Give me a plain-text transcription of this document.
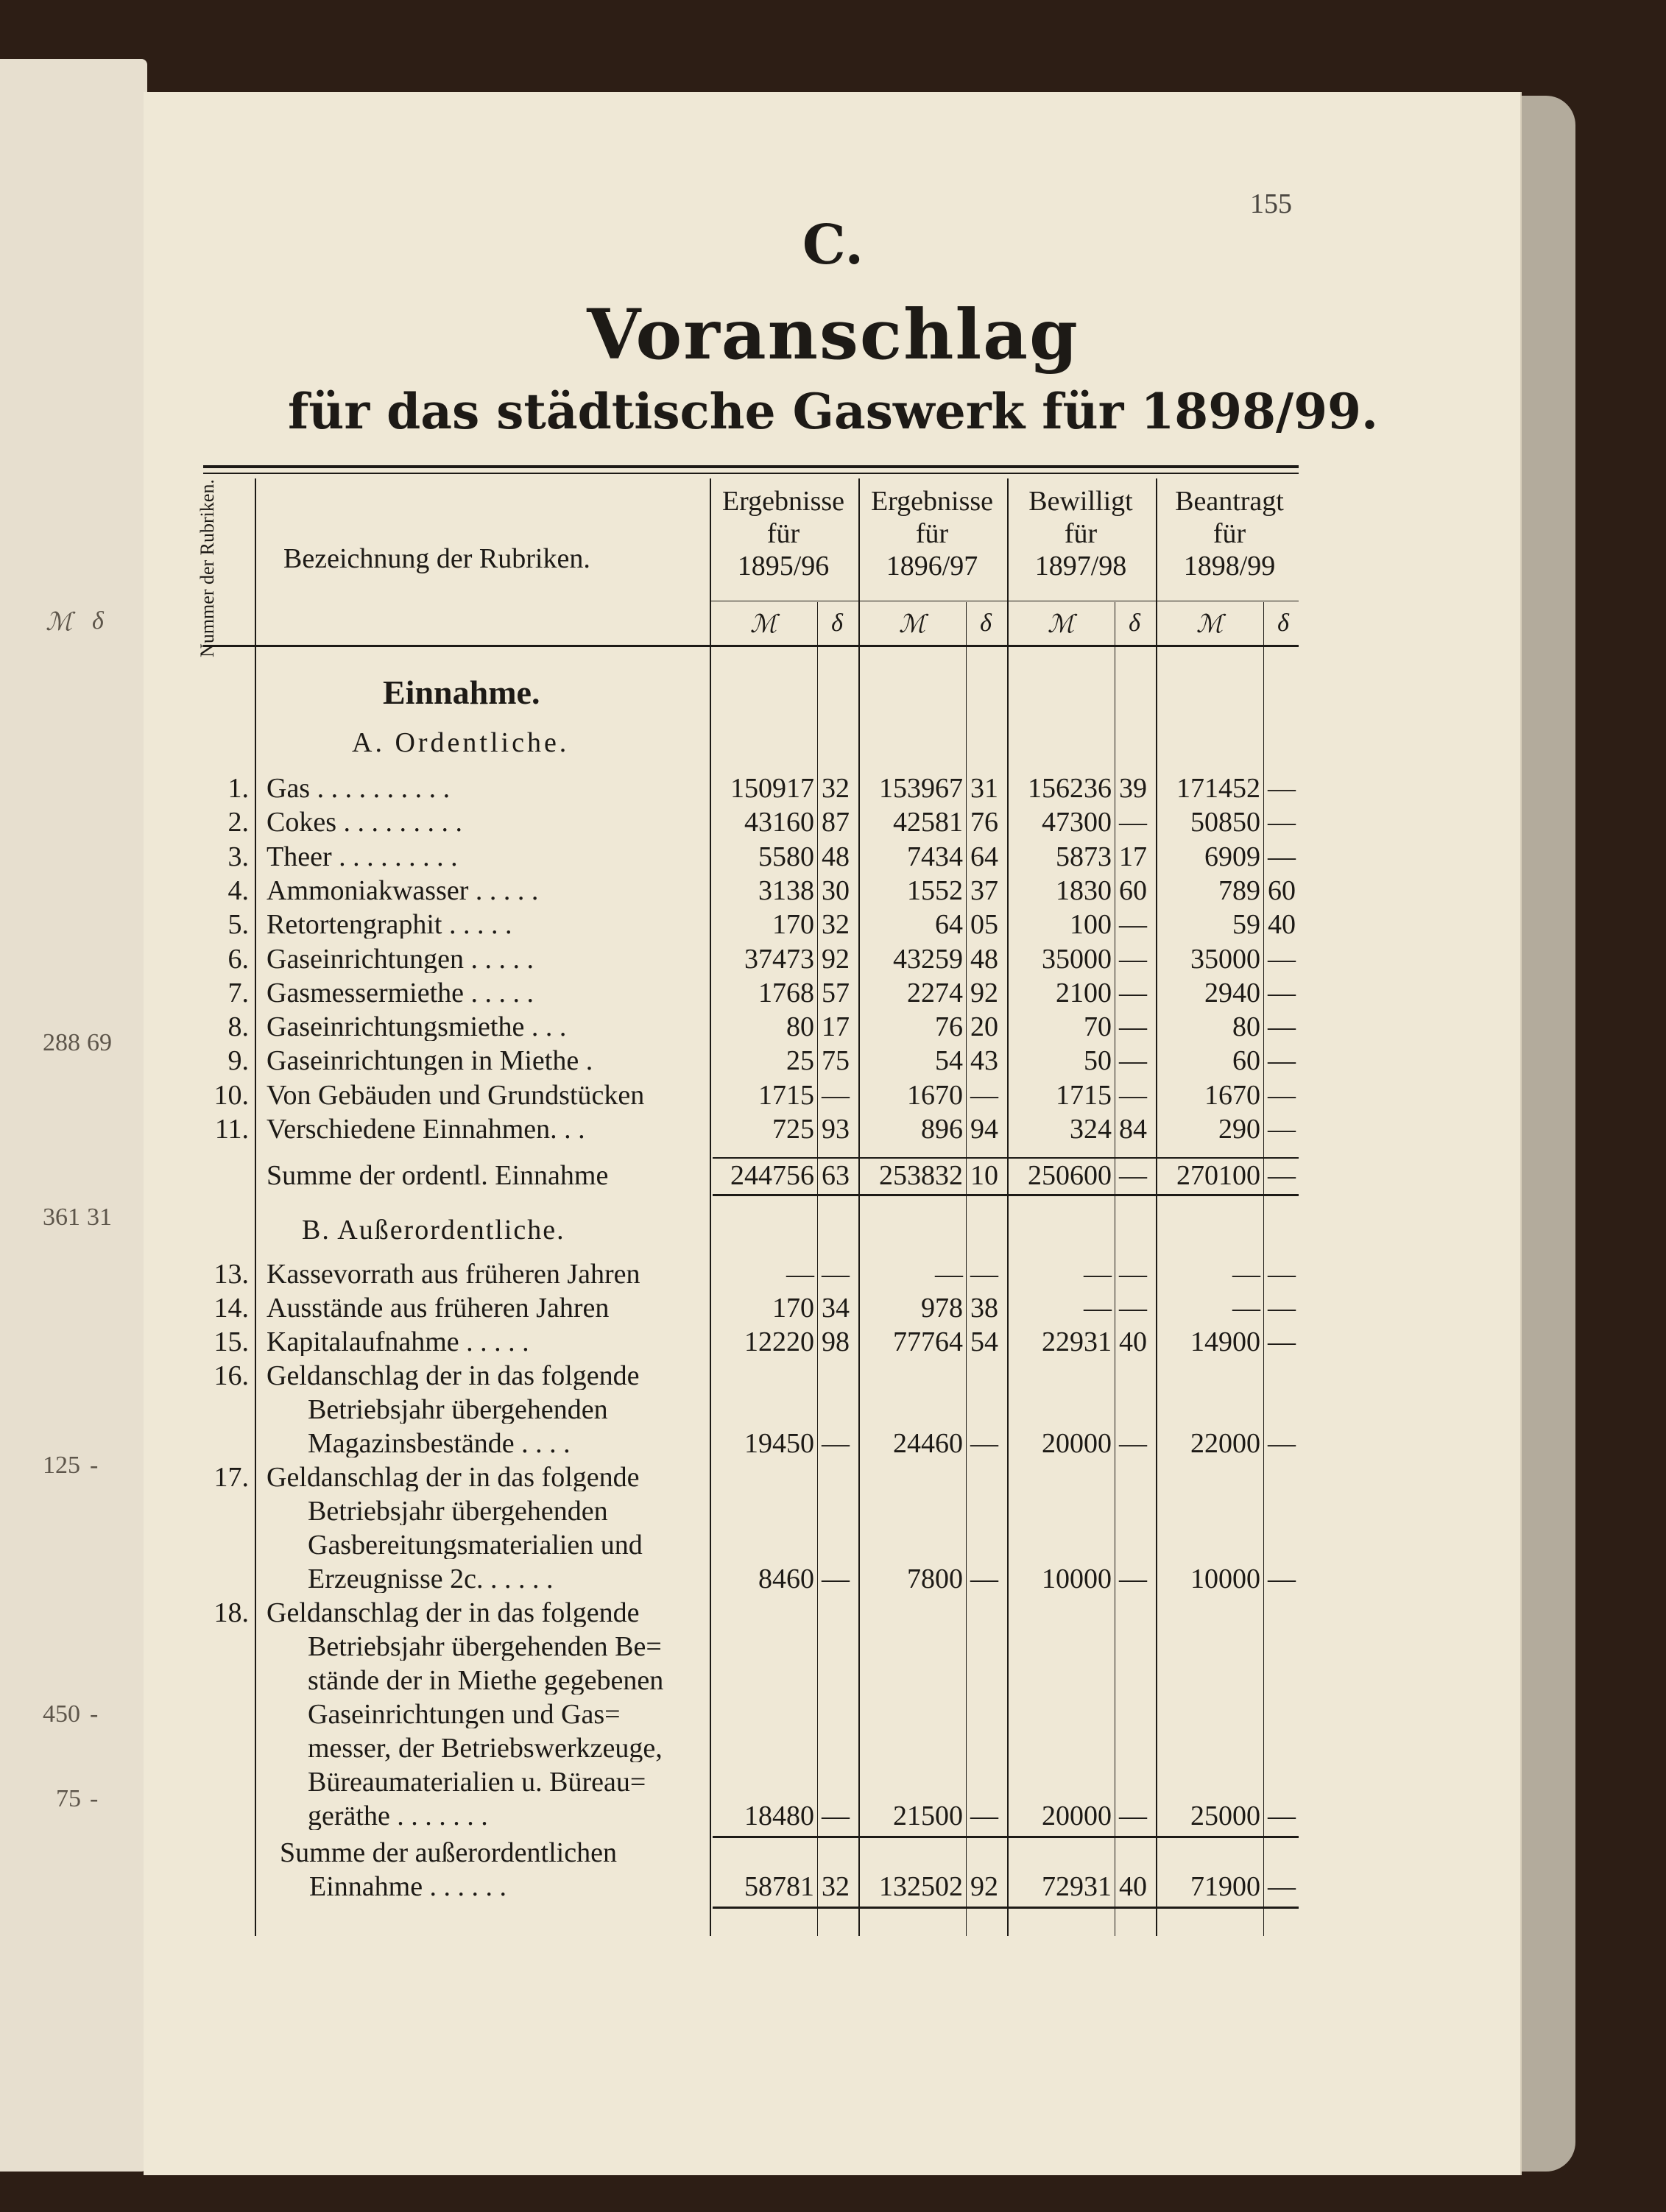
ℳ δ
288 69
361 31
125 -
450 -
75 -
155
C.
Voranschlag
für das städtische Gaswerk für 1898/99.
Nummer der Rubriken. Bezeichnung der Rubriken.
Ergebnisse
für
1895/96
ℳ	δ
Ergebnisse
für
1896/97
ℳ	δ
Bewilligt
für
1897/98
ℳ	δ
Beantragt
für
1898/99
ℳ	δ
Einnahme.
A. Ordentliche.
B. Außerordentliche.
1. Gas . . . . . . . . . .	150917 32	153967 31	156236 39	171452 —
2. Cokes . . . . . . . . .	43160 87	42581 76	47300 —	50850 —
3. Theer . . . . . . . . .	5580 48	7434 64	5873 17	6909 —
4. Ammoniakwasser . . . . .	3138 30	1552 37	1830 60	789 60
5. Retortengraphit . . . . .	170 32	64 05	100 —	59 40
6. Gaseinrichtungen . . . . .	37473 92	43259 48	35000 —	35000 —
7. Gasmessermiethe . . . . .	1768 57	2274 92	2100 —	2940 —
8. Gaseinrichtungsmiethe . . .	80 17	76 20	70 —	80 —
9. Gaseinrichtungen in Miethe .	25 75	54 43	50 —	60 —
10. Von Gebäuden und Grundstücken	1715 —	1670 —	1715 —	1670 —
11. Verschiedene Einnahmen. . .	725 93	896 94	324 84	290 —
Summe der ordentl. Einnahme	244756 63	253832 10	250600 —	270100 —
13. Kassevorrath aus früheren Jahren	— —	— —	— —	— —
14. Ausstände aus früheren Jahren	170 34	978 38	— —	— —
15. Kapitalaufnahme . . . . .	12220 98	77764 54	22931 40	14900 —
16. Geldanschlag der in das folgende
Betriebsjahr übergehenden
Magazinsbestände . . . .	19450 —	24460 —	20000 —	22000 —
17. Geldanschlag der in das folgende
Betriebsjahr übergehenden
Gasbereitungsmaterialien und
Erzeugnisse 2c. . . . . .	8460 —	7800 —	10000 —	10000 —
18. Geldanschlag der in das folgende
Betriebsjahr übergehenden Be=
stände der in Miethe gegebenen
Gaseinrichtungen und Gas=
messer, der Betriebswerkzeuge,
Büreaumaterialien u. Büreau=
geräthe . . . . . . .	18480 —	21500 —	20000 —	25000 —
Summe der außerordentlichen
Einnahme . . . . . .	58781 32	132502 92	72931 40	71900 —
